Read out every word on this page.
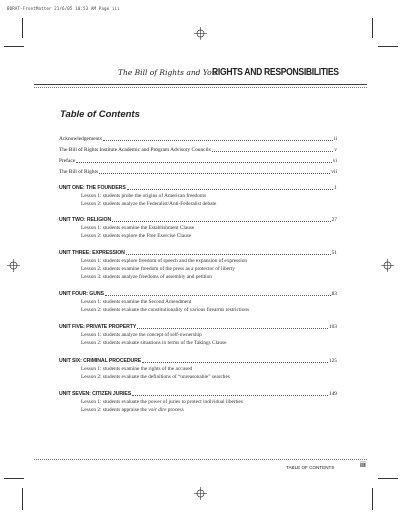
BORAT-FrontMatter 21/6/05 10:53 AM Page iii
The Bill of Rights and You
RIGHTS AND RESPONSIBILITIES
Table of Contents
Acknowledgements	ii
The Bill of Rights Institute Academic and Program Advisory Councils	v
Preface	vi
The Bill of Rights	vii
UNIT ONE: THE FOUNDERS	1
Lesson 1: students probe the origins of American freedoms
Lesson 2: students analyze the Federalist/Anti-Federalist debate
UNIT TWO: RELIGION	27
Lesson 1: students examine the Establishment Clause
Lesson 2: students explore the Free Exercise Clause
UNIT THREE: EXPRESSION	51
Lesson 1: students explore freedom of speech and the expansion of expression
Lesson 2: students examine freedom of the press as a protector of liberty
Lesson 3: students analyze freedoms of assembly and petition
UNIT FOUR: GUNS	83
Lesson 1: students examine the Second Amendment
Lesson 2: students evaluate the constitutionality of various firearms restrictions
UNIT FIVE: PRIVATE PROPERTY	103
Lesson 1: students analyze the concept of self-ownership
Lesson 2: students evaluate situations in terms of the Takings Clause
UNIT SIX: CRIMINAL PROCEDURE	125
Lesson 1: students examine the rights of the accused
Lesson 2: students evaluate the definitions of “unreasonable” searches
UNIT SEVEN: CITIZEN JURIES	149
Lesson 1: students evaluate the power of juries to protect individual liberties
Lesson 2: students appraise the voir dire process
TABLE OF CONTENTS	iii
